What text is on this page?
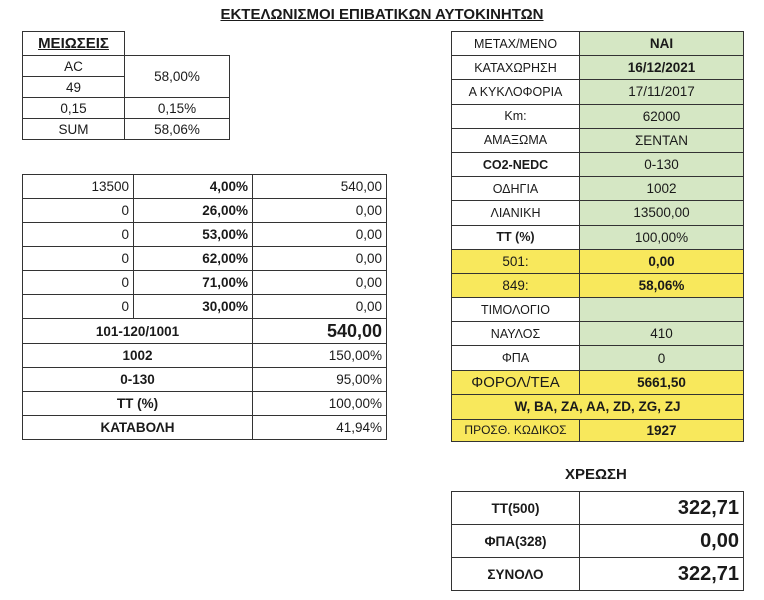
ΕΚΤΕΛΩΝΙΣΜΟΙ ΕΠΙΒΑΤΙΚΩΝ ΑΥΤΟΚΙΝΗΤΩΝ
ΜΕΙΩΣΕΙΣ	
AC	58,00%
49	
0,15	0,15%
SUM	58,06%
13500	4,00%	540,00
0	26,00%	0,00
0	53,00%	0,00
0	62,00%	0,00
0	71,00%	0,00
0	30,00%	0,00
101-120/1001		540,00
1002		150,00%
0-130		95,00%
TT (%)		100,00%
ΚΑΤΑΒΟΛΗ		41,94%
ΜΕΤΑΧ/ΜΕΝΟ	ΝΑΙ
ΚΑΤΑΧΩΡΗΣΗ	16/12/2021
Α ΚΥΚΛΟΦΟΡΙΑ	17/11/2017
Km:	62000
ΑΜΑΞΩΜΑ	ΣΕΝΤΑΝ
CO2-NEDC	0-130
ΟΔΗΓΙΑ	1002
ΛΙΑΝΙΚΗ	13500,00
TT (%)	100,00%
501:	0,00
849:	58,06%
ΤΙΜΟΛΟΓΙΟ	
ΝΑΥΛΟΣ	410
ΦΠΑ	0
ΦΟΡΟΛ/ΤΕΑ	5661,50
W, BA, ZA, AA, ZD, ZG, ZJ	
ΠΡΟΣΘ. ΚΩΔΙΚΟΣ	1927
ΧΡΕΩΣΗ
TT(500)	322,71
ΦΠΑ(328)	0,00
ΣΥΝΟΛΟ	322,71
